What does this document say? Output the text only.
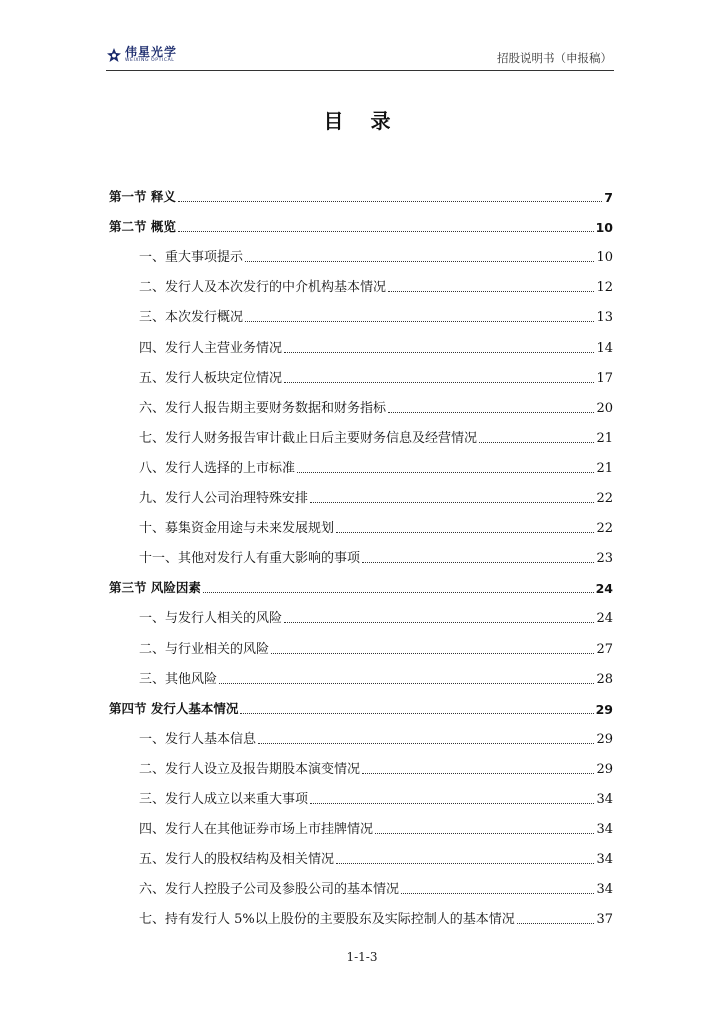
伟星光学
WEIXING OPTICAL	招股说明书（申报稿）
目 录
第一节 释义	7
第二节 概览	10
一、重大事项提示	10
二、发行人及本次发行的中介机构基本情况	12
三、本次发行概况	13
四、发行人主营业务情况	14
五、发行人板块定位情况	17
六、发行人报告期主要财务数据和财务指标	20
七、发行人财务报告审计截止日后主要财务信息及经营情况	21
八、发行人选择的上市标准	21
九、发行人公司治理特殊安排	22
十、募集资金用途与未来发展规划	22
十一、其他对发行人有重大影响的事项	23
第三节 风险因素	24
一、与发行人相关的风险	24
二、与行业相关的风险	27
三、其他风险	28
第四节 发行人基本情况	29
一、发行人基本信息	29
二、发行人设立及报告期股本演变情况	29
三、发行人成立以来重大事项	34
四、发行人在其他证券市场上市挂牌情况	34
五、发行人的股权结构及相关情况	34
六、发行人控股子公司及参股公司的基本情况	34
七、持有发行人 5%以上股份的主要股东及实际控制人的基本情况	37
1-1-3
